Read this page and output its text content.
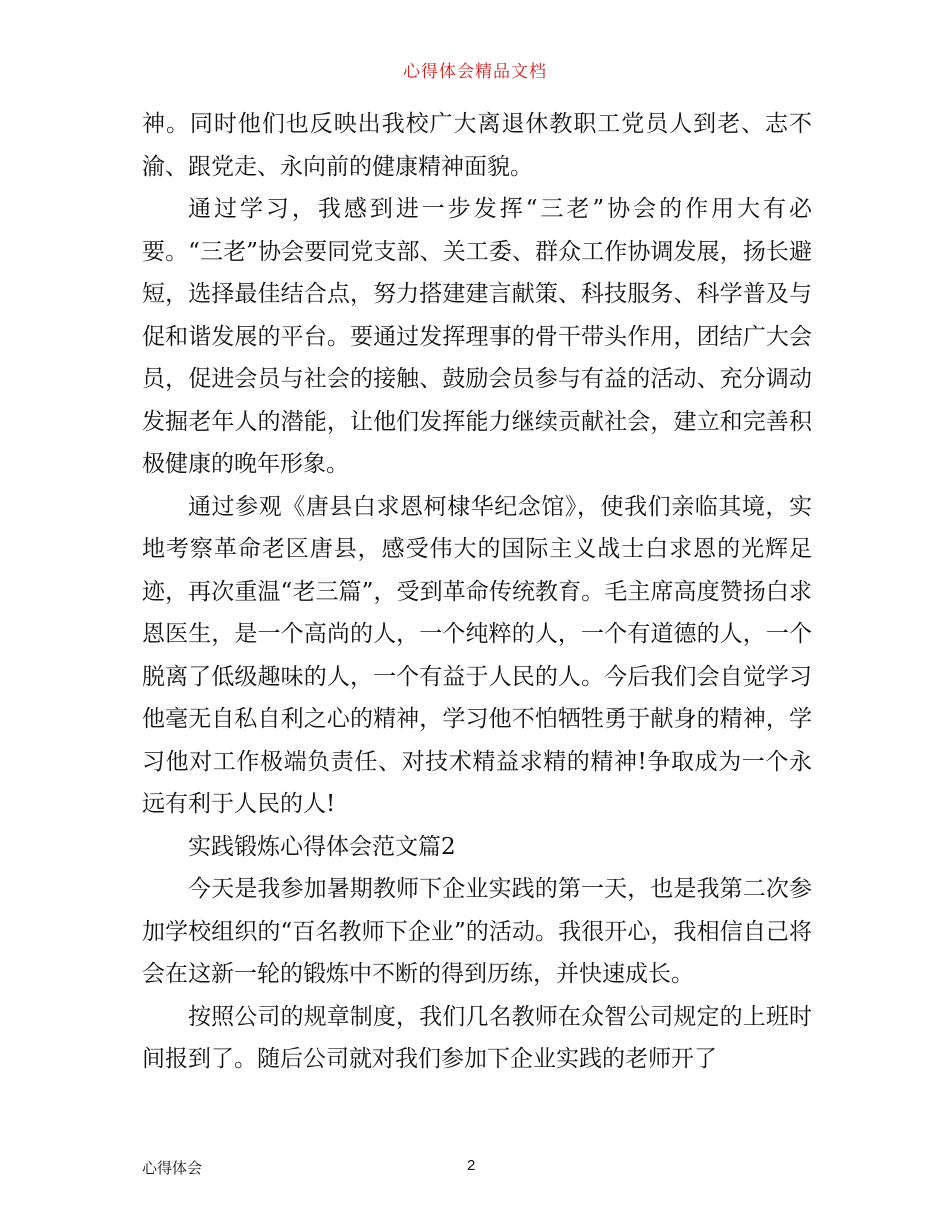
心得体会精品文档

神。同时他们也反映出我校广大离退休教职工党员人到老、志不渝、跟党走、永向前的健康精神面貌。

通过学习，我感到进一步发挥“三老”协会的作用大有必要。“三老”协会要同党支部、关工委、群众工作协调发展，扬长避短，选择最佳结合点，努力搭建建言献策、科技服务、科学普及与促和谐发展的平台。要通过发挥理事的骨干带头作用，团结广大会员，促进会员与社会的接触、鼓励会员参与有益的活动、充分调动发掘老年人的潜能，让他们发挥能力继续贡献社会，建立和完善积极健康的晚年形象。

通过参观《唐县白求恩柯棣华纪念馆》，使我们亲临其境，实地考察革命老区唐县，感受伟大的国际主义战士白求恩的光辉足迹，再次重温“老三篇”，受到革命传统教育。毛主席高度赞扬白求恩医生，是一个高尚的人，一个纯粹的人，一个有道德的人，一个脱离了低级趣味的人，一个有益于人民的人。今后我们会自觉学习他毫无自私自利之心的精神，学习他不怕牺牲勇于献身的精神，学习他对工作极端负责任、对技术精益求精的精神!争取成为一个永远有利于人民的人!

实践锻炼心得体会范文篇2

今天是我参加暑期教师下企业实践的第一天，也是我第二次参加学校组织的“百名教师下企业”的活动。我很开心，我相信自己将会在这新一轮的锻炼中不断的得到历练，并快速成长。

按照公司的规章制度，我们几名教师在众智公司规定的上班时间报到了。随后公司就对我们参加下企业实践的老师开了

心得体会	2
